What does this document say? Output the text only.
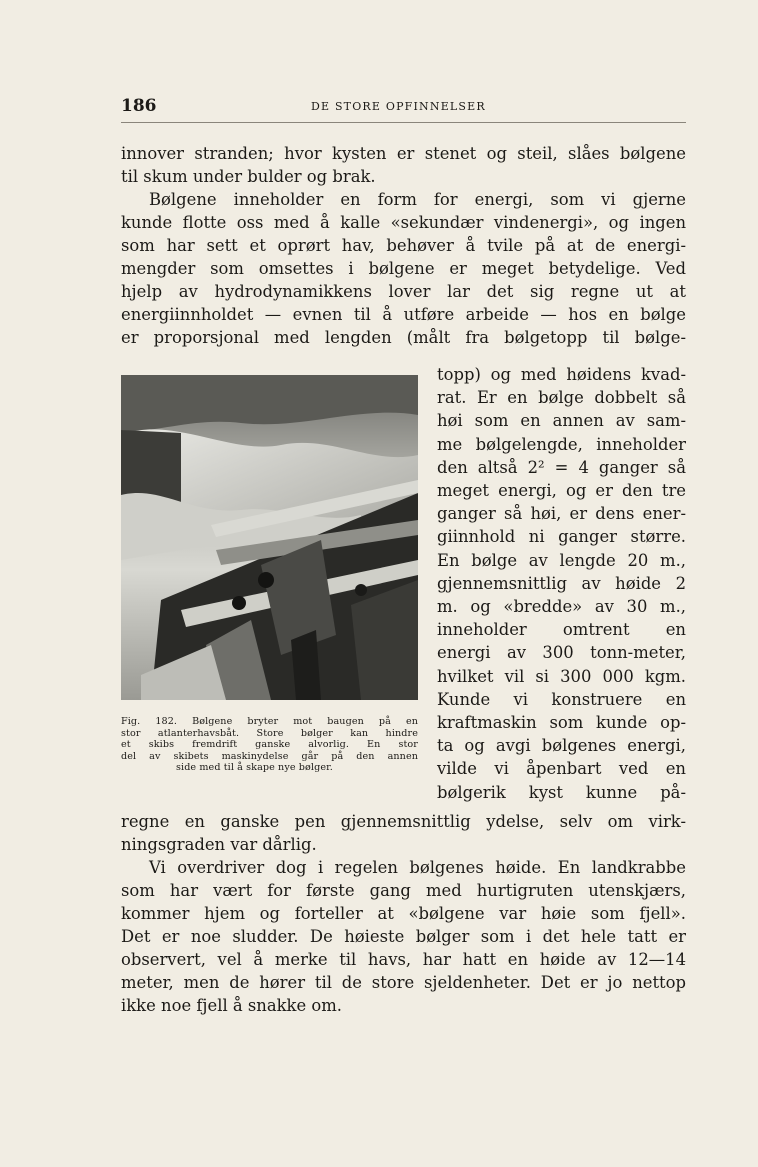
186	DE STORE OPFINNELSER
innover stranden; hvor kysten er stenet og steil, slåes bølgene
til skum under bulder og brak.
Bølgene inneholder en form for energi, som vi gjerne
kunde flotte oss med å kalle «sekundær vindenergi», og ingen
som har sett et oprørt hav, behøver å tvile på at de energi-
mengder som omsettes i bølgene er meget betydelige. Ved
hjelp av hydrodynamikkens lover lar det sig regne ut at
energiinnholdet — evnen til å utføre arbeide — hos en bølge
er proporsjonal med lengden (målt fra bølgetopp til bølge-
Fig. 182. Bølgene bryter mot baugen på en
stor atlanterhavsbåt. Store bølger kan hindre
et skibs fremdrift ganske alvorlig. En stor
del av skibets maskinydelse går på den annen
side med til å skape nye bølger.
topp) og med høidens kvad-
rat. Er en bølge dobbelt så
høi som en annen av sam-
me bølgelengde, inneholder
den altså 2² = 4 ganger så
meget energi, og er den tre
ganger så høi, er dens ener-
giinnhold ni ganger større.
En bølge av lengde 20 m.,
gjennemsnittlig av høide 2
m. og «bredde» av 30 m.,
inneholder omtrent en
energi av 300 tonn-meter,
hvilket vil si 300 000 kgm.
Kunde vi konstruere en
kraftmaskin som kunde op-
ta og avgi bølgenes energi,
vilde vi åpenbart ved en
bølgerik kyst kunne på-
regne en ganske pen gjennemsnittlig ydelse, selv om virk-
ningsgraden var dårlig.
Vi overdriver dog i regelen bølgenes høide. En landkrabbe
som har vært for første gang med hurtigruten utenskjærs,
kommer hjem og forteller at «bølgene var høie som fjell».
Det er noe sludder. De høieste bølger som i det hele tatt er
observert, vel å merke til havs, har hatt en høide av 12—14
meter, men de hører til de store sjeldenheter. Det er jo nettop
ikke noe fjell å snakke om.
